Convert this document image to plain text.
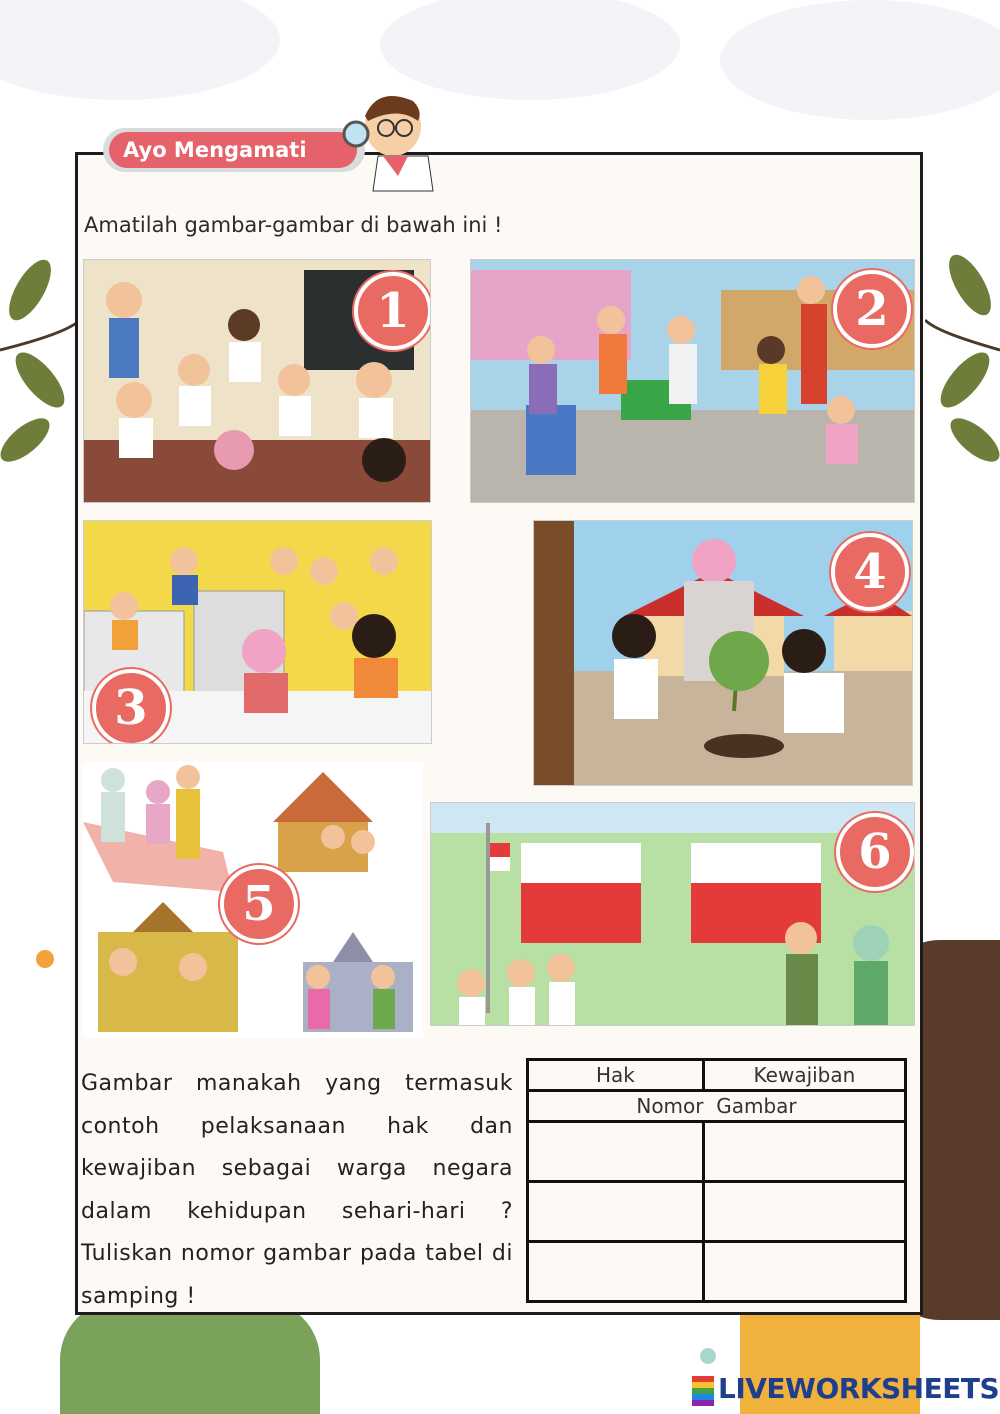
Ayo Mengamati
Amatilah gambar-gambar di bawah ini !
1	2
3
4
5
6
Gambar manakah yang termasuk contoh pelaksanaan hak dan kewajiban sebagai warga negara dalam kehidupan sehari-hari ? Tuliskan nomor gambar pada tabel di samping !
Hak	Kewajiban
Nomor  Gambar	

LIVEWORKSHEETS
